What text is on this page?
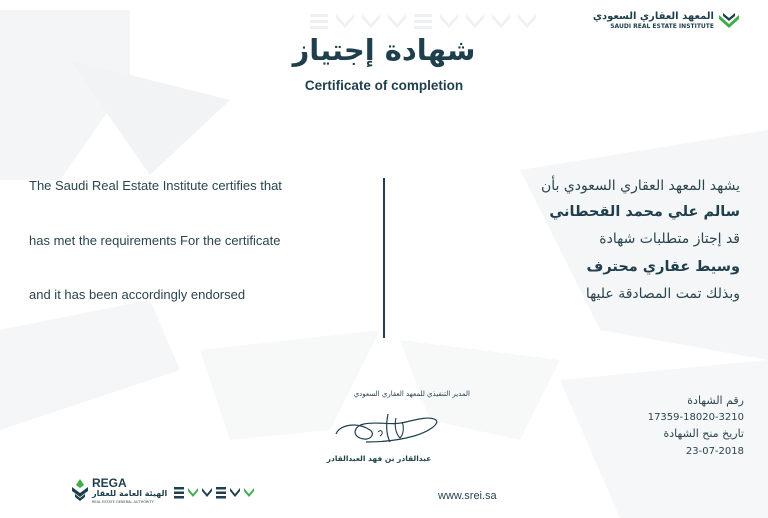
المعهد العقاري السعودي
SAUDI REAL ESTATE INSTITUTE
شهادة إجتياز
Certificate of completion
The Saudi Real Estate Institute certifies that
has met the requirements For the certificate
and it has been accordingly endorsed
يشهد المعهد العقاري السعودي بأن
سالم علي محمد القحطاني
قد إجتاز متطلبات شهادة
وسيط عقاري محترف
وبذلك تمت المصادقة عليها
رقم الشهادة
17359-18020-3210
تاريخ منح الشهادة
23-07-2018
المدير التنفيذي للمعهد العقاري السعودي
عبدالقادر بن فهد العبدالقادر
REGA
الهيئة العامة للعقار
REAL ESTATE GENERAL AUTHORITY	www.srei.sa
